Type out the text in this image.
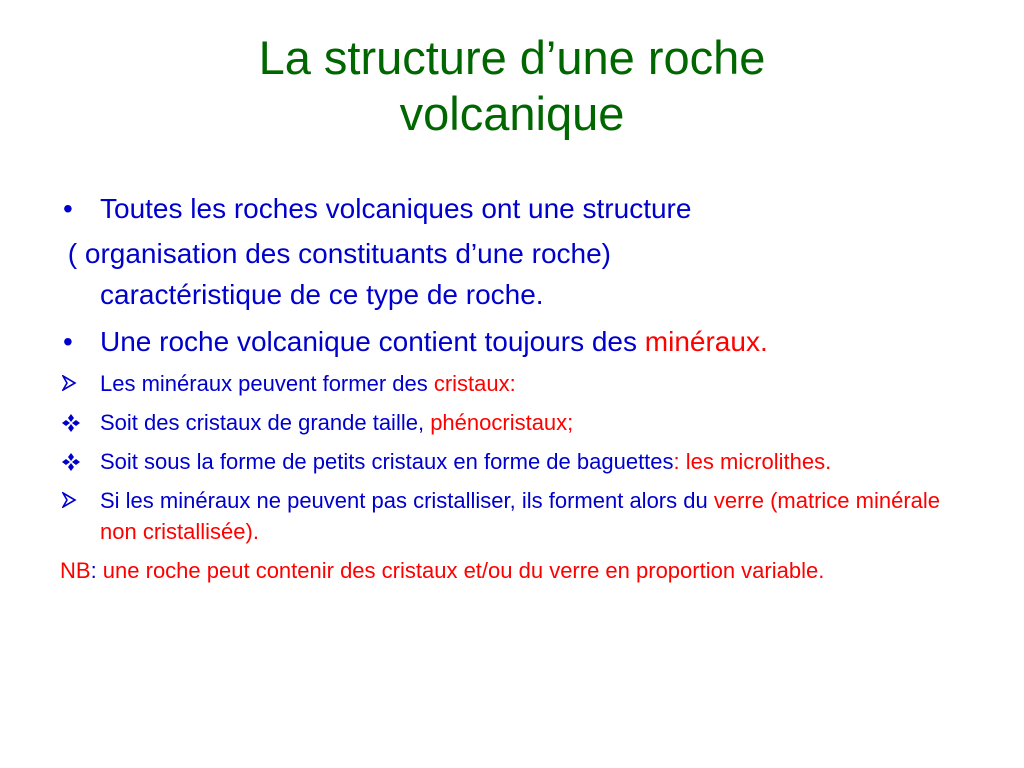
La structure d’une roche
volcanique
• Toutes les roches volcaniques ont une structure
( organisation des constituants d’une roche)
caractéristique de ce type de roche.
• Une roche volcanique contient toujours des minéraux.
Les minéraux peuvent former des cristaux:
Soit des cristaux de grande taille, phénocristaux;
Soit sous la forme de petits cristaux en forme de baguettes: les microlithes.
Si les minéraux ne peuvent pas cristalliser, ils forment alors du verre (matrice minérale non cristallisée).
NB: une roche peut contenir des cristaux et/ou du verre en proportion variable.
